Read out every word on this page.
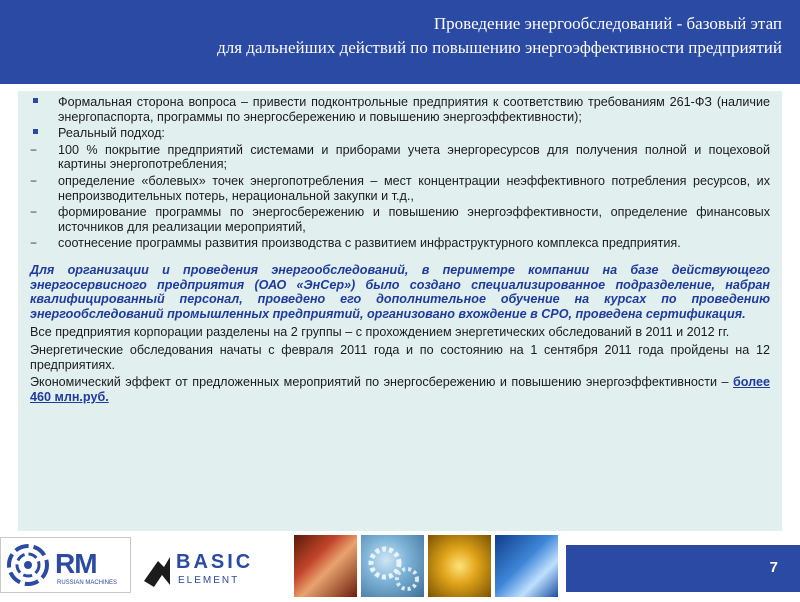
Проведение энергообследований - базовый этап
для дальнейших действий по повышению энергоэффективности предприятий
Формальная сторона вопроса – привести подконтрольные предприятия к соответствию требованиям 261-ФЗ (наличие энергопаспорта, программы по энергосбережению и повышению энергоэффективности);
Реальный подход:
−	100 % покрытие предприятий системами и приборами учета энергоресурсов для получения полной и поцеховой картины энергопотребления;
−	определение «болевых» точек энергопотребления – мест концентрации неэффективного потребления ресурсов, их непроизводительных потерь, нерациональной закупки и т.д.,
−	формирование программы по энергосбережению и повышению энергоэффективности, определение финансовых источников для реализации мероприятий,
−	соотнесение программы развития производства с развитием инфраструктурного комплекса предприятия.
Для организации и проведения энергообследований, в периметре компании на базе действующего энергосервисного предприятия (ОАО «ЭнСер») было создано специализированное подразделение, набран квалифицированный персонал, проведено его дополнительное обучение на курсах по проведению энергообследований промышленных предприятий, организовано вхождение в СРО, проведена сертификация.
Все предприятия корпорации разделены на 2 группы – с прохождением энергетических обследований в 2011 и 2012 гг.
Энергетические обследования начаты с февраля 2011 года и по состоянию на 1 сентября 2011 года пройдены на 12 предприятиях.
Экономический эффект от предложенных мероприятий по энергосбережению и повышению энергоэффективности – более 460 млн.руб.
RM
RUSSIAN MACHINES
BASIC
ELEMENT
7
